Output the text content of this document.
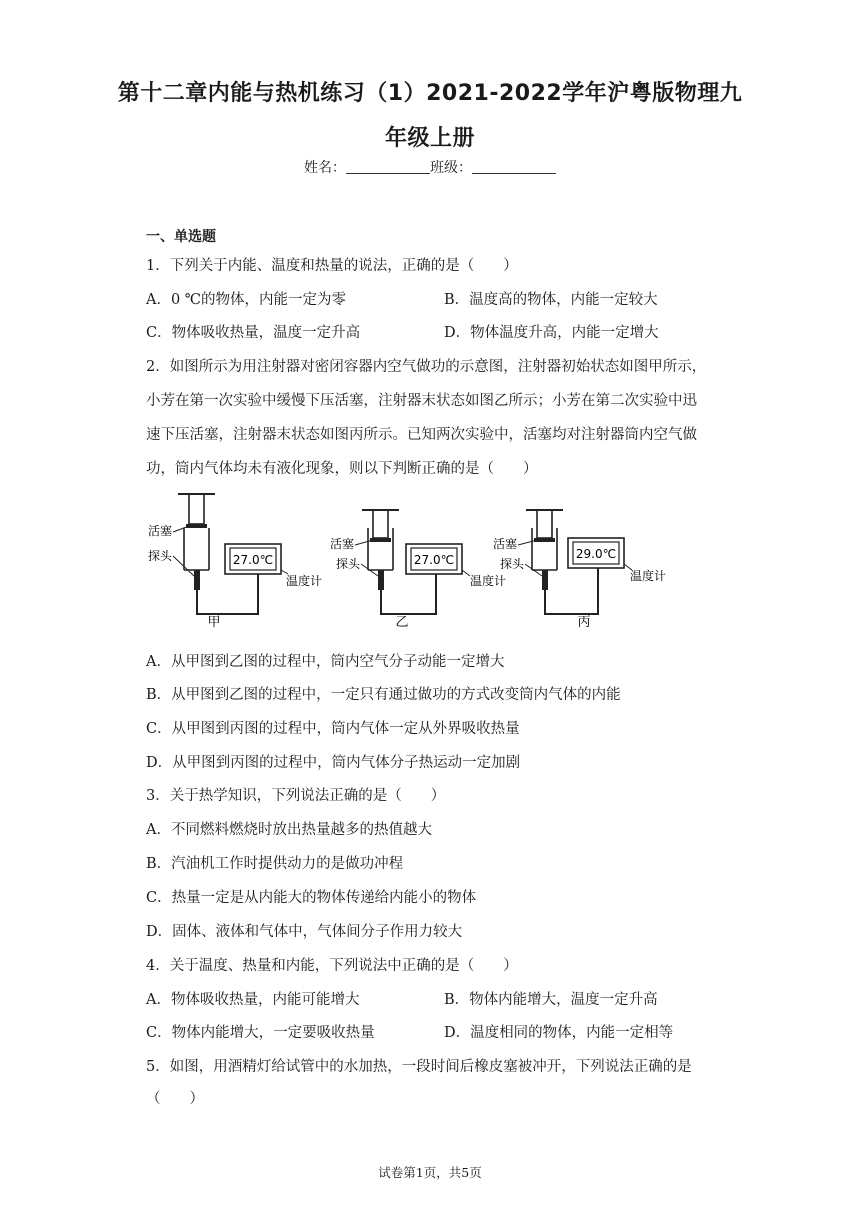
第十二章内能与热机练习（1）2021-2022学年沪粤版物理九
年级上册
姓名：	班级：
一、单选题
1．下列关于内能、温度和热量的说法，正确的是（　　）
A．0 ℃的物体，内能一定为零	B．温度高的物体，内能一定较大
C．物体吸收热量，温度一定升高	D．物体温度升高，内能一定增大
2．如图所示为用注射器对密闭容器内空气做功的示意图，注射器初始状态如图甲所示，
小芳在第一次实验中缓慢下压活塞，注射器末状态如图乙所示；小芳在第二次实验中迅
速下压活塞，注射器末状态如图丙所示。已知两次实验中，活塞均对注射器筒内空气做
功，筒内气体均未有液化现象，则以下判断正确的是（　　）
27.0℃
活塞
探头
温度计
甲
27.0℃
活塞
探头
温度计
乙
29.0℃
活塞
探头
温度计
丙
A．从甲图到乙图的过程中，筒内空气分子动能一定增大
B．从甲图到乙图的过程中，一定只有通过做功的方式改变筒内气体的内能
C．从甲图到丙图的过程中，筒内气体一定从外界吸收热量
D．从甲图到丙图的过程中，筒内气体分子热运动一定加剧
3．关于热学知识，下列说法正确的是（　　）
A．不同燃料燃烧时放出热量越多的热值越大
B．汽油机工作时提供动力的是做功冲程
C．热量一定是从内能大的物体传递给内能小的物体
D．固体、液体和气体中，气体间分子作用力较大
4．关于温度、热量和内能，下列说法中正确的是（　　）
A．物体吸收热量，内能可能增大	B．物体内能增大，温度一定升高
C．物体内能增大，一定要吸收热量	D．温度相同的物体，内能一定相等
5．如图，用酒精灯给试管中的水加热，一段时间后橡皮塞被冲开，下列说法正确的是
（　　）
试卷第1页，共5页
